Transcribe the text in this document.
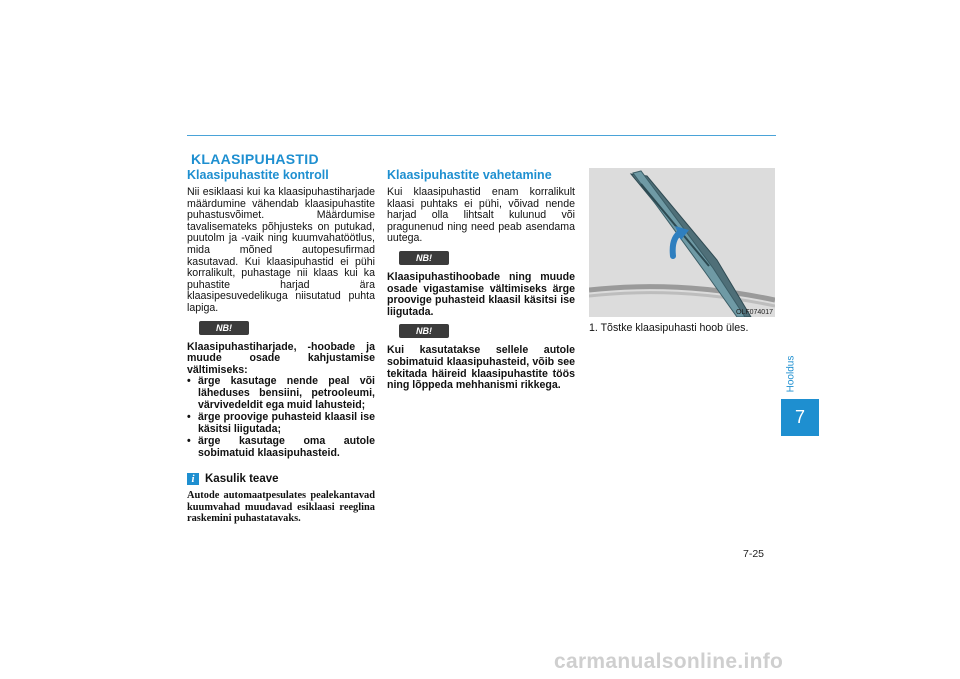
KLAASIPUHASTID
Klaasipuhastite kontroll

Nii esiklaasi kui ka klaasipuhastiharjade määrdumine vähendab klaasipuhastite puhastusvõimet. Määrdumise tavalisemateks põhjusteks on putukad, puutolm ja -vaik ning kuumvahatöötlus, mida mõned autopesufirmad kasutavad. Kui klaasipuhastid ei pühi korralikult, puhastage nii klaas kui ka puhastite harjad ära klaasipesuvedelikuga niisutatud puhta lapiga.

NB!

Klaasipuhastiharjade, -hoobade ja muude osade kahjustamise vältimiseks:

• ärge kasutage nende peal või läheduses bensiini, petrooleumi, värvivedeldit ega muid lahusteid;
• ärge proovige puhasteid klaasil ise käsitsi liigutada;
• ärge kasutage oma autole sobimatuid klaasipuhasteid.
i Kasulik teave

Autode automaatpesulates pealekantavad kuumvahad muudavad esiklaasi reeglina raskemini puhastatavaks.

Klaasipuhastite vahetamine

Kui klaasipuhastid enam korralikult klaasi puhtaks ei pühi, võivad nende harjad olla lihtsalt kulunud või pragunenud ning need peab asendama uutega.

NB!

Klaasipuhastihoobade ning muude osade vigastamise vältimiseks ärge proovige puhasteid klaasil käsitsi ise liigutada.

NB!

Kui kasutatakse sellele autole sobimatuid klaasipuhasteid, võib see tekitada häireid klaasipuhastite töös ning lõppeda mehhanismi rikkega.

OLF074017

1. Tõstke klaasipuhasti hoob üles.

Hooldus
7
7-25
carmanualsonline.info
